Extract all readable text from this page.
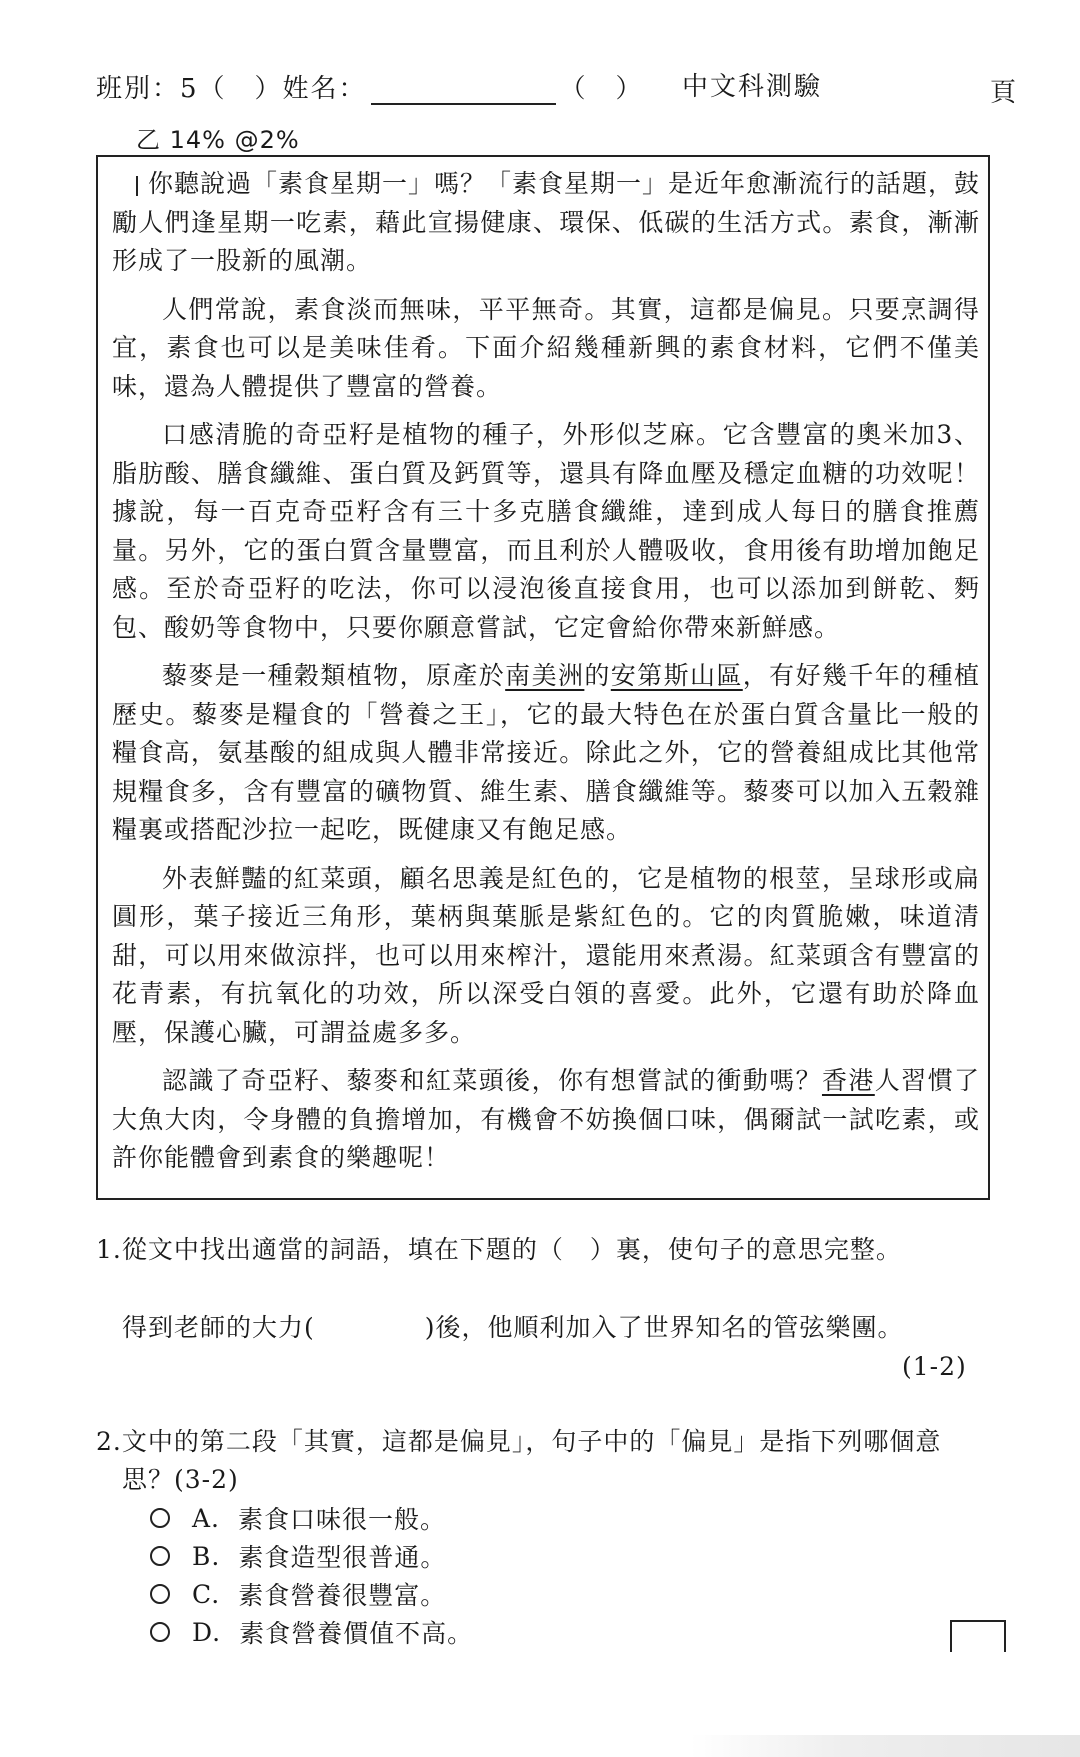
班別：5（　）姓名：	（　） 中文科測驗	頁
乙 14% @2%

你聽說過「素食星期一」嗎？「素食星期一」是近年愈漸流行的話題，鼓勵人們逢星期一吃素，藉此宣揚健康、環保、低碳的生活方式。素食，漸漸形成了一股新的風潮。

人們常說，素食淡而無味，平平無奇。其實，這都是偏見。只要烹調得宜，素食也可以是美味佳肴。下面介紹幾種新興的素食材料，它們不僅美味，還為人體提供了豐富的營養。

口感清脆的奇亞籽是植物的種子，外形似芝麻。它含豐富的奧米加3、脂肪酸、膳食纖維、蛋白質及鈣質等，還具有降血壓及穩定血糖的功效呢！據說，每一百克奇亞籽含有三十多克膳食纖維，達到成人每日的膳食推薦量。另外，它的蛋白質含量豐富，而且利於人體吸收，食用後有助增加飽足感。至於奇亞籽的吃法，你可以浸泡後直接食用，也可以添加到餅乾、麪包、酸奶等食物中，只要你願意嘗試，它定會給你帶來新鮮感。

藜麥是一種穀類植物，原產於南美洲的安第斯山區，有好幾千年的種植歷史。藜麥是糧食的「營養之王」，它的最大特色在於蛋白質含量比一般的糧食高，氨基酸的組成與人體非常接近。除此之外，它的營養組成比其他常規糧食多，含有豐富的礦物質、維生素、膳食纖維等。藜麥可以加入五穀雜糧裏或搭配沙拉一起吃，既健康又有飽足感。

外表鮮豔的紅菜頭，顧名思義是紅色的，它是植物的根莖，呈球形或扁圓形，葉子接近三角形，葉柄與葉脈是紫紅色的。它的肉質脆嫩，味道清甜，可以用來做涼拌，也可以用來榨汁，還能用來煮湯。紅菜頭含有豐富的花青素，有抗氧化的功效，所以深受白領的喜愛。此外，它還有助於降血壓，保護心臟，可謂益處多多。

認識了奇亞籽、藜麥和紅菜頭後，你有想嘗試的衝動嗎？香港人習慣了大魚大肉，令身體的負擔增加，有機會不妨換個口味，偶爾試一試吃素，或許你能體會到素食的樂趣呢！

1.從文中找出適當的詞語，填在下題的（　）裏，使句子的意思完整。
得到老師的大力(	)後，他順利加入了世界知名的管弦樂團。
(1-2)
2.文中的第二段「其實，這都是偏見」，句子中的「偏見」是指下列哪個意
思？(3-2)
A. 素食口味很一般。
B. 素食造型很普通。
C. 素食營養很豐富。
D. 素食營養價值不高。
